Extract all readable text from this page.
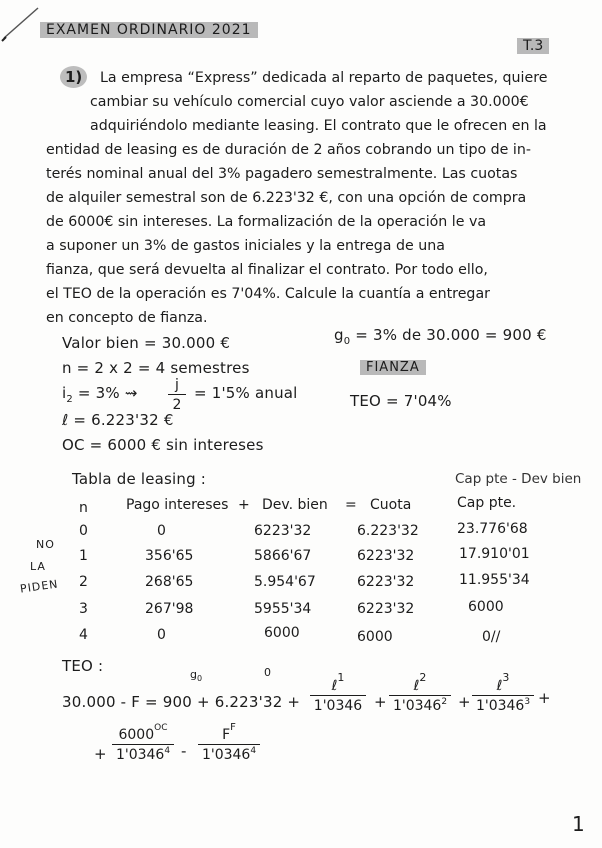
EXAMEN ORDINARIO 2021
T.3
1)	La empresa “Express” dedicada al reparto de paquetes, quiere
cambiar su vehículo comercial cuyo valor asciende a 30.000€
adquiriéndolo mediante leasing. El contrato que le ofrecen en la
entidad de leasing es de duración de 2 años cobrando un tipo de in-
terés nominal anual del 3% pagadero semestralmente. Las cuotas
de alquiler semestral son de 6.223'32 €, con una opción de compra
de 6000€ sin intereses. La formalización de la operación le va
a suponer un 3% de gastos iniciales y la entrega de una
fianza, que será devuelta al finalizar el contrato. Por todo ello,
el TEO de la operación es 7'04%. Calcule la cuantía a entregar
en concepto de fianza.
Valor bien = 30.000 €
n = 2 x 2 = 4 semestres
$i_2 = 3\%$ ⇝ $\frac{j}{2} = 1'5\%$ anual
ℓ = 6.223'32 €
OC = 6000 € sin intereses
$g_0 = 3\%$ de 30.000 = 900 €
FIANZA
TEO = 7'04%
Tabla de leasing :	Cap pte - Dev bien
n	Pago intereses + Dev. bien = Cuota	Cap pte.
0	0	6223'32	6.223'32	23.776'68
1	356'65	5866'67	6223'32	17.910'01
2	268'65	5.954'67	6223'32	11.955'34
3	267'98	5955'34	6223'32	6000
4	0	6000	6000	0//
NO
LA
PIDEN
TEO :	$g_0$	0
30.000 - F = 900 + 6.223'32 +
ℓ$^1$
1'0346 +
ℓ$^2$
$1'0346^2$ +
ℓ$^3$
$1'0346^3$ +
+ $\frac{6000^{OC}}{1'0346^4} - \frac{F^F}{1'0346^4}$
1
